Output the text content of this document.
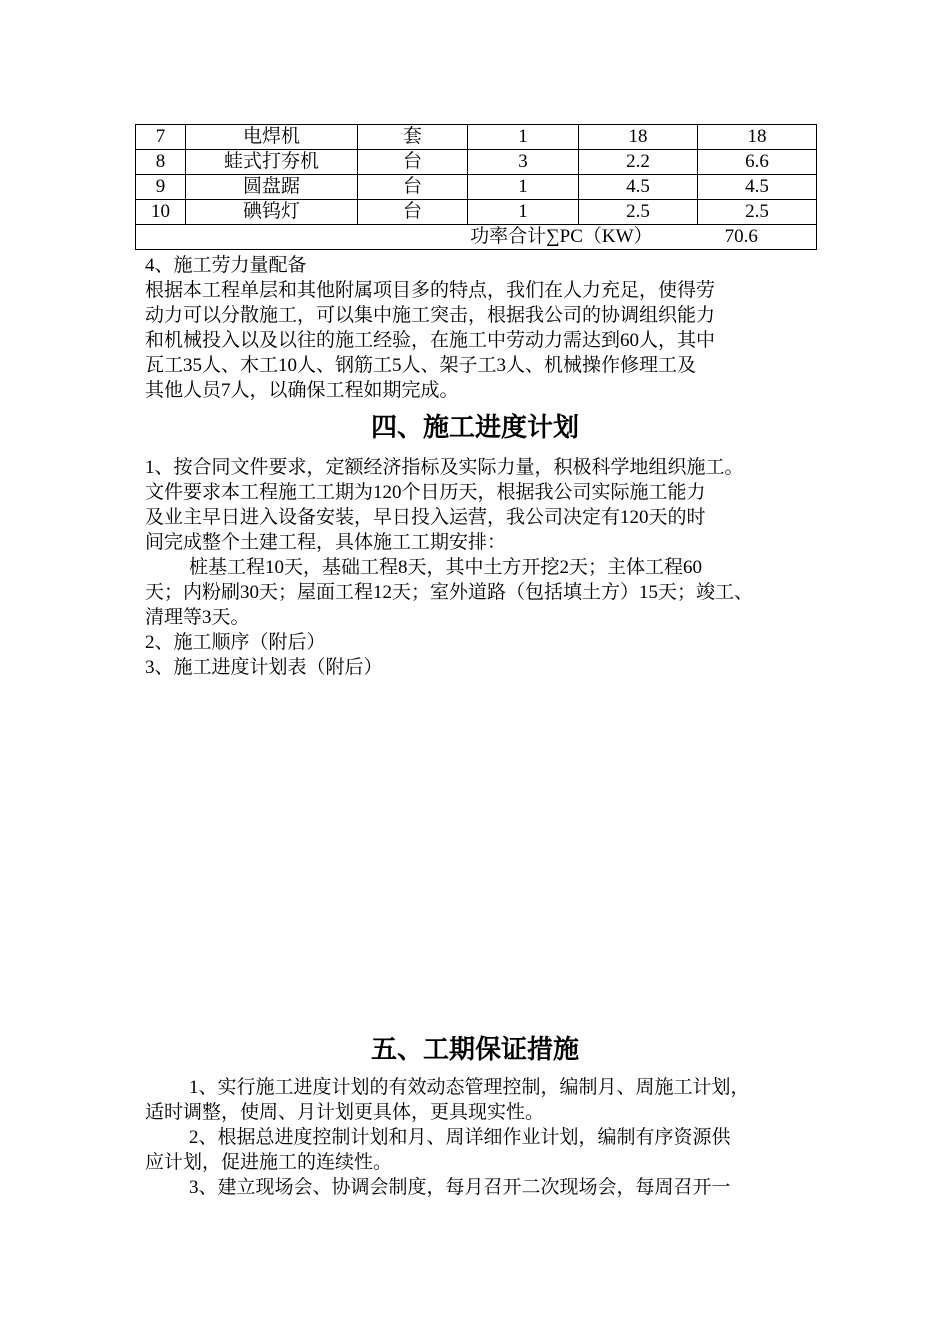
7	电焊机	套	1	18	18
8	蛙式打夯机	台	3	2.2	6.6
9	圆盘踞	台	1	4.5	4.5
10	碘钨灯	台	1	2.5	2.5
功率合计∑PC（KW） 70.6					

4、施工劳力量配备

根据本工程单层和其他附属项目多的特点，我们在人力充足，使得劳

动力可以分散施工，可以集中施工突击，根据我公司的协调组织能力

和机械投入以及以往的施工经验，在施工中劳动力需达到60人，其中

瓦工35人、木工10人、钢筋工5人、架子工3人、机械操作修理工及

其他人员7人，以确保工程如期完成。

四、施工进度计划

1、按合同文件要求，定额经济指标及实际力量，积极科学地组织施工。

文件要求本工程施工工期为120个日历天，根据我公司实际施工能力

及业主早日进入设备安装，早日投入运营，我公司决定有120天的时

间完成整个土建工程，具体施工工期安排：

桩基工程10天，基础工程8天，其中土方开挖2天；主体工程60

天；内粉刷30天；屋面工程12天；室外道路（包括填土方）15天；竣工、

清理等3天。

2、施工顺序（附后）

3、施工进度计划表（附后）

五、工期保证措施

1、实行施工进度计划的有效动态管理控制，编制月、周施工计划，

适时调整，使周、月计划更具体，更具现实性。

2、根据总进度控制计划和月、周详细作业计划，编制有序资源供

应计划，促进施工的连续性。

3、建立现场会、协调会制度，每月召开二次现场会，每周召开一
